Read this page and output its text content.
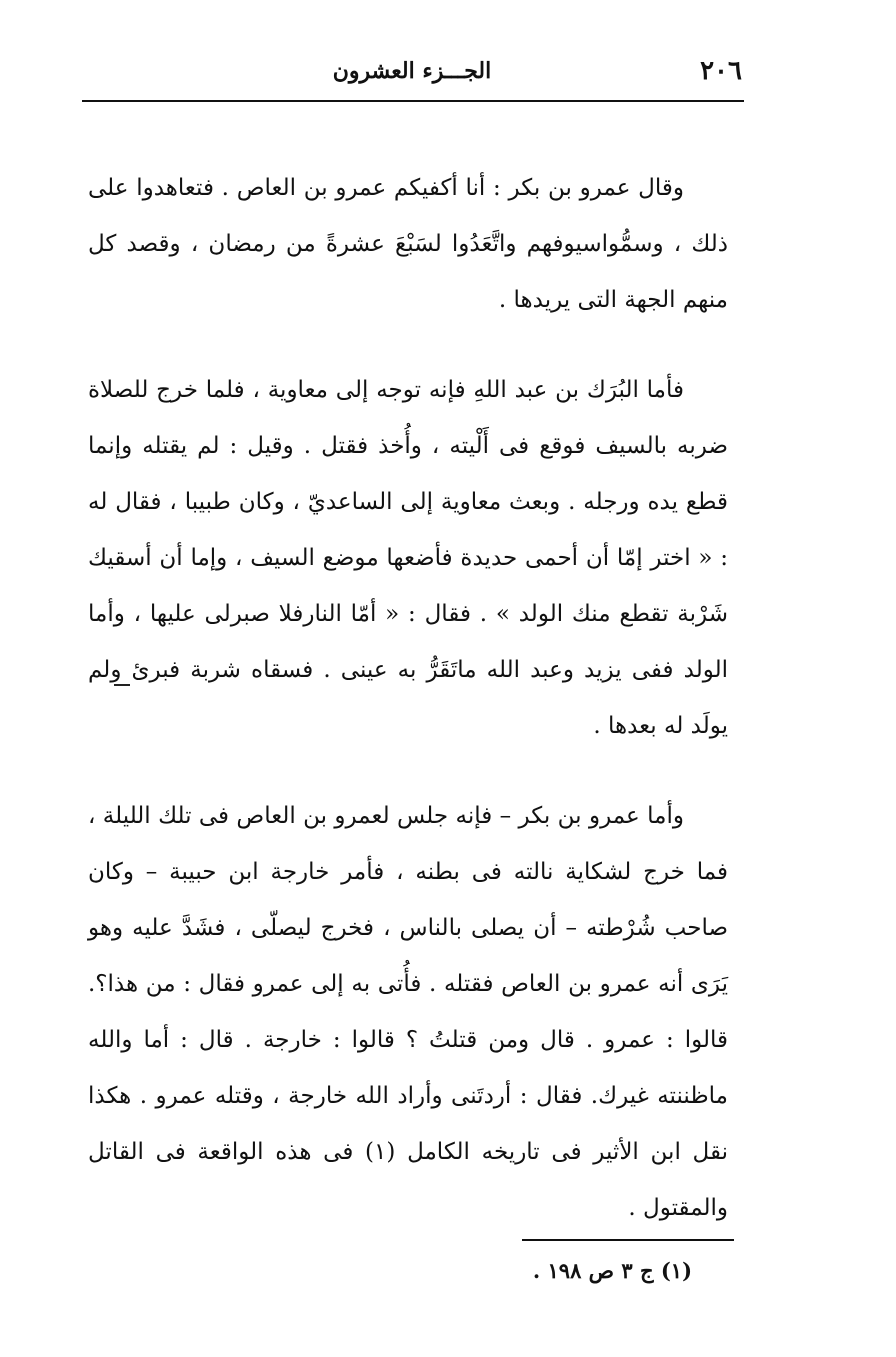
٢٠٦
الجـــزء العشرون

وقال عمرو بن بكر : أنا أكفيكم عمرو بن العاص . فتعاهدوا على ذلك ، وسمُّواسيوفهم واتَّعَدُوا لسَبْعَ عشرةً من رمضان ، وقصد كل منهم الجهة التى يريدها .

فأما البُرَك بن عبد اللهِ فإنه توجه إلى معاوية ، فلما خرج للصلاة ضربه بالسيف فوقع فى أَلْيته ، وأُخذ فقتل . وقيل : لم يقتله وإنما قطع يده ورجله . وبعث معاوية إلى الساعديّ ، وكان طبيبا ، فقال له : « اختر إمّا أن أحمى حديدة فأضعها موضع السيف ، وإما أن أسقيك شَرْبة تقطع منك الولد » . فقال : « أمّا النارفلا صبرلى عليها ، وأما الولد ففى يزيد وعبد الله ماتَقَرُّ به عينى . فسقاه شربة فبرئ ولم يولَد له بعدها .

وأما عمرو بن بكر – فإنه جلس لعمرو بن العاص فى تلك الليلة ، فما خرج لشكاية نالته فى بطنه ، فأمر خارجة ابن حبيبة – وكان صاحب شُرْطته – أن يصلى بالناس ، فخرج ليصلّى ، فشَدَّ عليه وهو يَرَى أنه عمرو بن العاص فقتله . فأُتى به إلى عمرو فقال : من هذا؟. قالوا : عمرو . قال ومن قتلتُ ؟ قالوا : خارجة . قال : أما والله ماظننته غيرك. فقال : أردتَنى وأراد الله خارجة ، وقتله عمرو . هكذا نقل ابن الأثير فى تاريخه الكامل (١) فى هذه الواقعة فى القاتل والمقتول .

(١) ج ٣ ص ١٩٨ .
